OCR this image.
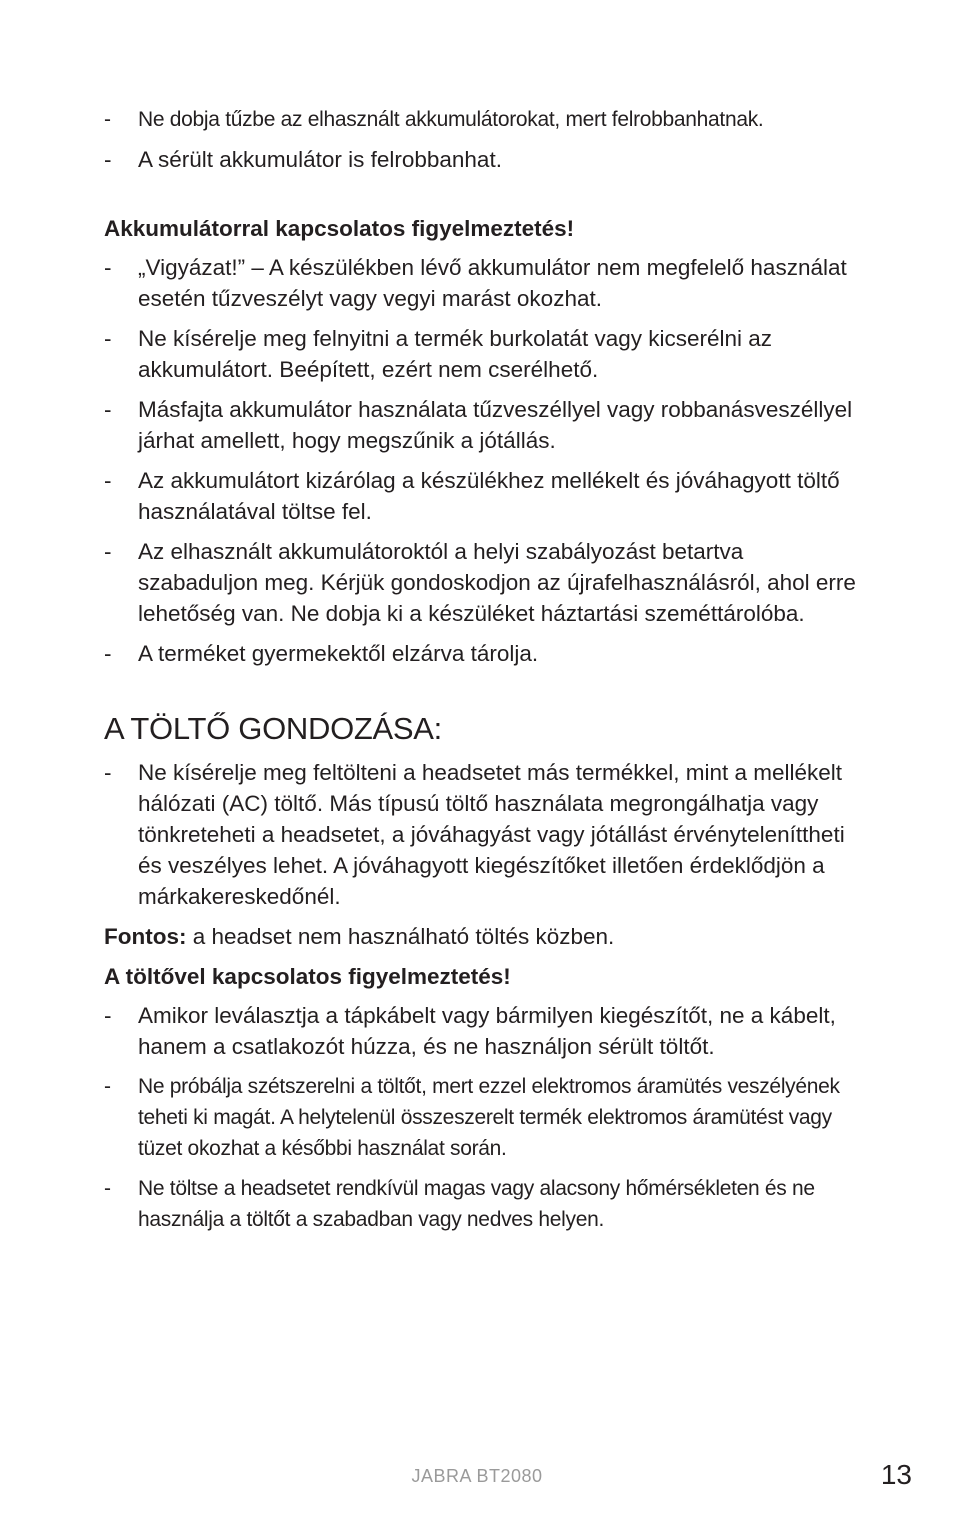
-	Ne dobja tűzbe az elhasznált akkumulátorokat, mert felrobbanhatnak.
-	A sérült akkumulátor is felrobbanhat.
Akkumulátorral kapcsolatos figyelmeztetés!
-	„Vigyázat!” – A készülékben lévő akkumulátor nem megfelelő használat esetén tűzveszélyt vagy vegyi marást okozhat.
-	Ne kísérelje meg felnyitni a termék burkolatát vagy kicserélni az akkumulátort. Beépített, ezért nem cserélhető.
-	Másfajta akkumulátor használata tűzveszéllyel vagy robbanásveszéllyel járhat amellett, hogy megszűnik a jótállás.
-	Az akkumulátort kizárólag a készülékhez mellékelt és jóváhagyott töltő használatával töltse fel.
-	Az elhasznált akkumulátoroktól a helyi szabályozást betartva szabaduljon meg. Kérjük gondoskodjon az újrafelhasználásról, ahol erre lehetőség van. Ne dobja ki a készüléket háztartási szeméttárolóba.
-	A terméket gyermekektől elzárva tárolja.
A TÖLTŐ GONDOZÁSA:
-	Ne kísérelje meg feltölteni a headsetet más termékkel, mint a mellékelt hálózati (AC) töltő. Más típusú töltő használata megrongálhatja vagy tönkreteheti a headsetet, a jóváhagyást vagy jótállást érvényteleníttheti és veszélyes lehet. A jóváhagyott kiegészítőket illetően érdeklődjön a márkakereskedőnél.

Fontos: a headset nem használható töltés közben.

A töltővel kapcsolatos figyelmeztetés!
-	Amikor leválasztja a tápkábelt vagy bármilyen kiegészítőt, ne a kábelt, hanem a csatlakozót húzza, és ne használjon sérült töltőt.
-	Ne próbálja szétszerelni a töltőt, mert ezzel elektromos áramütés veszélyének teheti ki magát. A helytelenül összeszerelt termék elektromos áramütést vagy tüzet okozhat a későbbi használat során.
-	Ne töltse a headsetet rendkívül magas vagy alacsony hőmérsékleten és ne használja a töltőt a szabadban vagy nedves helyen.
JABRA BT2080	13
